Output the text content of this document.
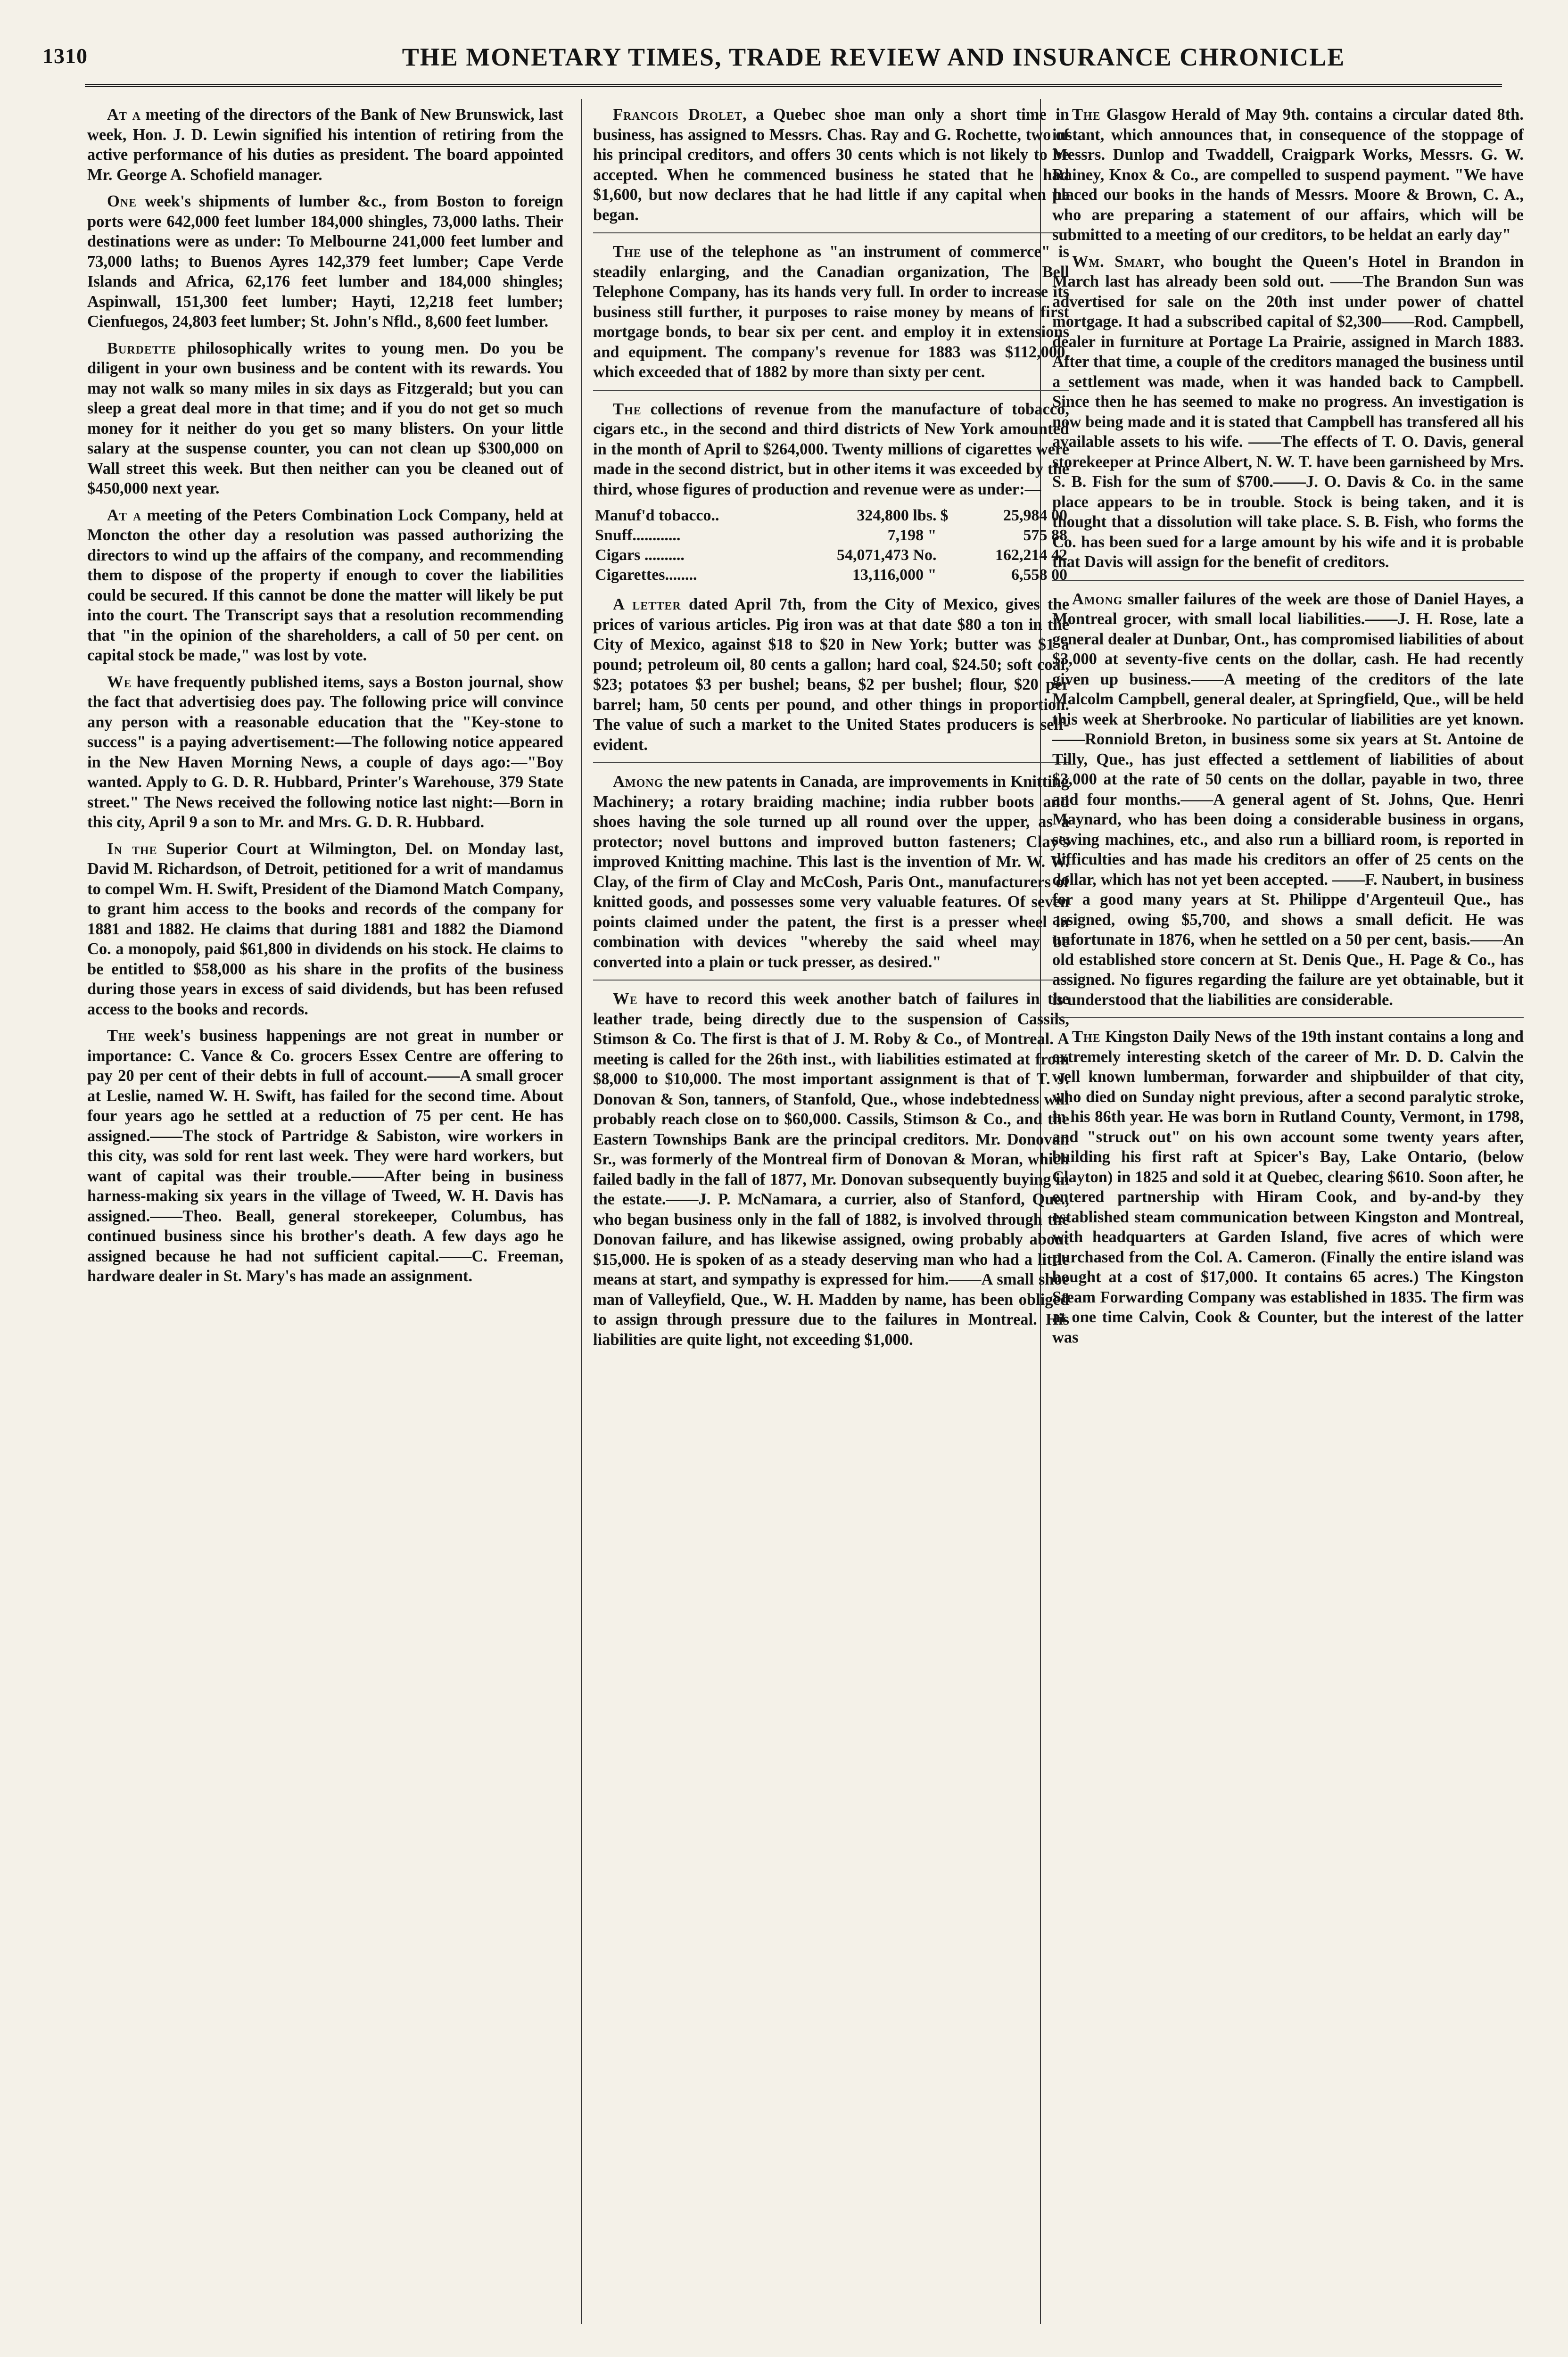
1310	THE MONETARY TIMES, TRADE REVIEW AND INSURANCE CHRONICLE

At a meeting of the directors of the Bank of New Brunswick, last week, Hon. J. D. Lewin signified his intention of retiring from the active performance of his duties as president. The board appointed Mr. George A. Schofield manager.

One week's shipments of lumber &c., from Boston to foreign ports were 642,000 feet lumber 184,000 shingles, 73,000 laths. Their destinations were as under: To Melbourne 241,000 feet lumber and 73,000 laths; to Buenos Ayres 142,379 feet lumber; Cape Verde Islands and Africa, 62,176 feet lumber and 184,000 shingles; Aspinwall, 151,300 feet lumber; Hayti, 12,218 feet lumber; Cienfuegos, 24,803 feet lumber; St. John's Nfld., 8,600 feet lumber.

Burdette philosophically writes to young men. Do you be diligent in your own business and be content with its rewards. You may not walk so many miles in six days as Fitzgerald; but you can sleep a great deal more in that time; and if you do not get so much money for it neither do you get so many blisters. On your little salary at the suspense counter, you can not clean up $300,000 on Wall street this week. But then neither can you be cleaned out of $450,000 next year.

At a meeting of the Peters Combination Lock Company, held at Moncton the other day a resolution was passed authorizing the directors to wind up the affairs of the company, and recommending them to dispose of the property if enough to cover the liabilities could be secured. If this cannot be done the matter will likely be put into the court. The Transcript says that a resolution recommending that "in the opinion of the shareholders, a call of 50 per cent. on capital stock be made," was lost by vote.

We have frequently published items, says a Boston journal, show the fact that advertisieg does pay. The following price will convince any person with a reasonable education that the "Key-stone to success" is a paying advertisement:—The following notice appeared in the New Haven Morning News, a couple of days ago:—"Boy wanted. Apply to G. D. R. Hubbard, Printer's Warehouse, 379 State street." The News received the following notice last night:—Born in this city, April 9 a son to Mr. and Mrs. G. D. R. Hubbard.

In the Superior Court at Wilmington, Del. on Monday last, David M. Richardson, of Detroit, petitioned for a writ of mandamus to compel Wm. H. Swift, President of the Diamond Match Company, to grant him access to the books and records of the company for 1881 and 1882. He claims that during 1881 and 1882 the Diamond Co. a monopoly, paid $61,800 in dividends on his stock. He claims to be entitled to $58,000 as his share in the profits of the business during those years in excess of said dividends, but has been refused access to the books and records.

The week's business happenings are not great in number or importance: C. Vance & Co. grocers Essex Centre are offering to pay 20 per cent of their debts in full of account.——A small grocer at Leslie, named W. H. Swift, has failed for the second time. About four years ago he settled at a reduction of 75 per cent. He has assigned.——The stock of Partridge & Sabiston, wire workers in this city, was sold for rent last week. They were hard workers, but want of capital was their trouble.——After being in business harness-making six years in the village of Tweed, W. H. Davis has assigned.——Theo. Beall, general storekeeper, Columbus, has continued business since his brother's death. A few days ago he assigned because he had not sufficient capital.——C. Freeman, hardware dealer in St. Mary's has made an assignment.

Francois Drolet, a Quebec shoe man only a short time in business, has assigned to Messrs. Chas. Ray and G. Rochette, two of his principal creditors, and offers 30 cents which is not likely to be accepted. When he commenced business he stated that he had $1,600, but now declares that he had little if any capital when he began.

The use of the telephone as "an instrument of commerce" is steadily enlarging, and the Canadian organization, The Bell Telephone Company, has its hands very full. In order to increase its business still further, it purposes to raise money by means of first mortgage bonds, to bear six per cent. and employ it in extensions and equipment. The company's revenue for 1883 was $112,000, which exceeded that of 1882 by more than sixty per cent.

The collections of revenue from the manufacture of tobacco, cigars etc., in the second and third districts of New York amounted in the month of April to $264,000. Twenty millions of cigarettes were made in the second district, but in other items it was exceeded by the third, whose figures of production and revenue were as under:—

Manuf'd tobacco..	324,800 lbs.	$	25,984 00
Snuff............	7,198 "		575 88
Cigars ..........	54,071,473 No.		162,214 42
Cigarettes........	13,116,000 "		6,558 00

A letter dated April 7th, from the City of Mexico, gives the prices of various articles. Pig iron was at that date $80 a ton in the City of Mexico, against $18 to $20 in New York; butter was $1 a pound; petroleum oil, 80 cents a gallon; hard coal, $24.50; soft coal, $23; potatoes $3 per bushel; beans, $2 per bushel; flour, $20 per barrel; ham, 50 cents per pound, and other things in proportion. The value of such a market to the United States producers is self-evident.

Among the new patents in Canada, are improvements in Knitting Machinery; a rotary braiding machine; india rubber boots and shoes having the sole turned up all round over the upper, as a protector; novel buttons and improved button fasteners; Clay's improved Knitting machine. This last is the invention of Mr. W. W. Clay, of the firm of Clay and McCosh, Paris Ont., manufacturers of knitted goods, and possesses some very valuable features. Of seven points claimed under the patent, the first is a presser wheel in combination with devices "whereby the said wheel may be converted into a plain or tuck presser, as desired."

We have to record this week another batch of failures in the leather trade, being directly due to the suspension of Cassils, Stimson & Co. The first is that of J. M. Roby & Co., of Montreal. A meeting is called for the 26th inst., with liabilities estimated at from $8,000 to $10,000. The most important assignment is that of T. J. Donovan & Son, tanners, of Stanfold, Que., whose indebtedness will probably reach close on to $60,000. Cassils, Stimson & Co., and the Eastern Townships Bank are the principal creditors. Mr. Donovan Sr., was formerly of the Montreal firm of Donovan & Moran, which failed badly in the fall of 1877, Mr. Donovan subsequently buying in the estate.——J. P. McNamara, a currier, also of Stanford, Que., who began business only in the fall of 1882, is involved through the Donovan failure, and has likewise assigned, owing probably about $15,000. He is spoken of as a steady deserving man who had a little means at start, and sympathy is expressed for him.——A small shoe man of Valleyfield, Que., W. H. Madden by name, has been obliged to assign through pressure due to the failures in Montreal. His liabilities are quite light, not exceeding $1,000.

The Glasgow Herald of May 9th. contains a circular dated 8th. instant, which announces that, in consequence of the stoppage of Messrs. Dunlop and Twaddell, Craigpark Works, Messrs. G. W. Rainey, Knox & Co., are compelled to suspend payment. "We have placed our books in the hands of Messrs. Moore & Brown, C. A., who are preparing a statement of our affairs, which will be submitted to a meeting of our creditors, to be heldat an early day"

Wm. Smart, who bought the Queen's Hotel in Brandon in March last has already been sold out. ——The Brandon Sun was advertised for sale on the 20th inst under power of chattel mortgage. It had a subscribed capital of $2,300——Rod. Campbell, dealer in furniture at Portage La Prairie, assigned in March 1883. After that time, a couple of the creditors managed the business until a settlement was made, when it was handed back to Campbell. Since then he has seemed to make no progress. An investigation is now being made and it is stated that Campbell has transfered all his available assets to his wife. ——The effects of T. O. Davis, general storekeeper at Prince Albert, N. W. T. have been garnisheed by Mrs. S. B. Fish for the sum of $700.——J. O. Davis & Co. in the same place appears to be in trouble. Stock is being taken, and it is thought that a dissolution will take place. S. B. Fish, who forms the Co. has been sued for a large amount by his wife and it is probable that Davis will assign for the benefit of creditors.

Among smaller failures of the week are those of Daniel Hayes, a Montreal grocer, with small local liabilities.——J. H. Rose, late a general dealer at Dunbar, Ont., has compromised liabilities of about $3,000 at seventy-five cents on the dollar, cash. He had recently given up business.——A meeting of the creditors of the late Malcolm Campbell, general dealer, at Springfield, Que., will be held this week at Sherbrooke. No particular of liabilities are yet known.——Ronniold Breton, in business some six years at St. Antoine de Tilly, Que., has just effected a settlement of liabilities of about $3,000 at the rate of 50 cents on the dollar, payable in two, three and four months.——A general agent of St. Johns, Que. Henri Maynard, who has been doing a considerable business in organs, sewing machines, etc., and also run a billiard room, is reported in difficulties and has made his creditors an offer of 25 cents on the dollar, which has not yet been accepted. ——F. Naubert, in business for a good many years at St. Philippe d'Argenteuil Que., has assigned, owing $5,700, and shows a small deficit. He was unfortunate in 1876, when he settled on a 50 per cent, basis.——An old established store concern at St. Denis Que., H. Page & Co., has assigned. No figures regarding the failure are yet obtainable, but it is understood that the liabilities are considerable.

The Kingston Daily News of the 19th instant contains a long and extremely interesting sketch of the career of Mr. D. D. Calvin the well known lumberman, forwarder and shipbuilder of that city, who died on Sunday night previous, after a second paralytic stroke, in his 86th year. He was born in Rutland County, Vermont, in 1798, and "struck out" on his own account some twenty years after, building his first raft at Spicer's Bay, Lake Ontario, (below Clayton) in 1825 and sold it at Quebec, clearing $610. Soon after, he entered partnership with Hiram Cook, and by-and-by they established steam communication between Kingston and Montreal, with headquarters at Garden Island, five acres of which were purchased from the Col. A. Cameron. (Finally the entire island was bought at a cost of $17,000. It contains 65 acres.) The Kingston Steam Forwarding Company was established in 1835. The firm was at one time Calvin, Cook & Counter, but the interest of the latter was
